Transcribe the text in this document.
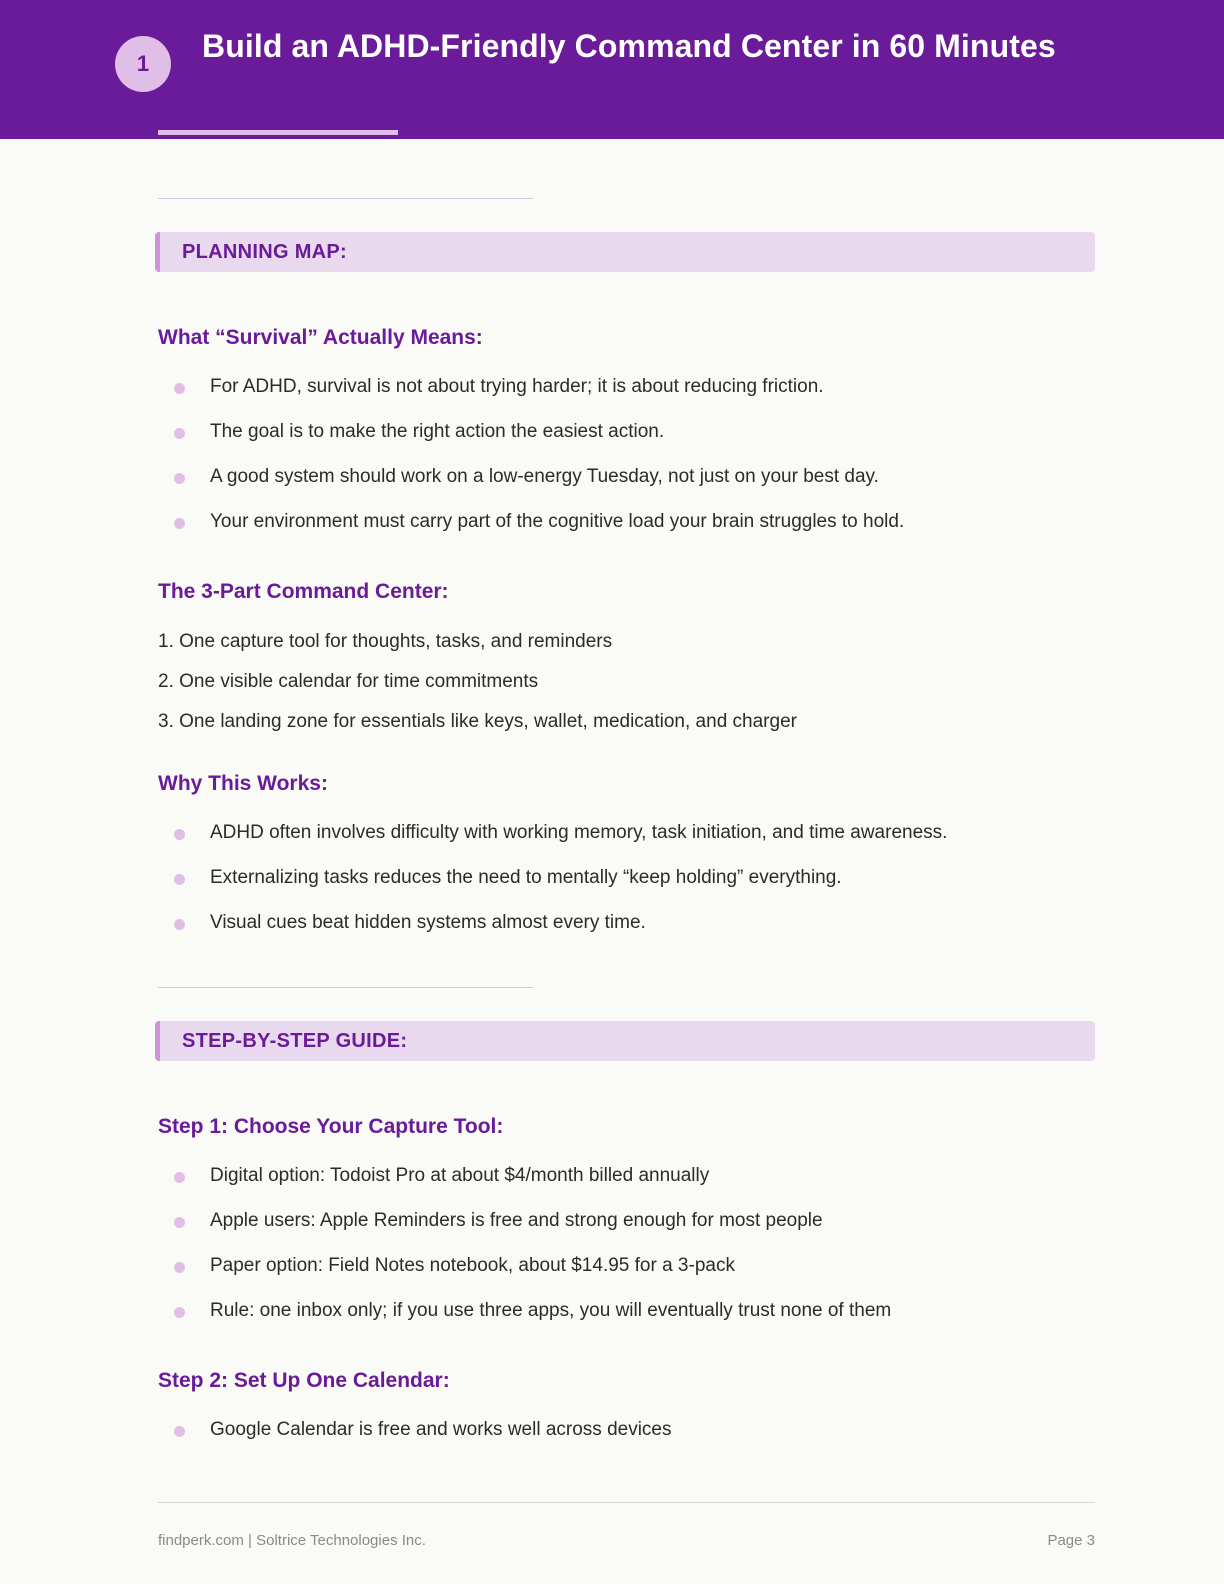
1	Build an ADHD-Friendly Command Center in 60 Minutes
PLANNING MAP:
What “Survival” Actually Means:
For ADHD, survival is not about trying harder; it is about reducing friction.
The goal is to make the right action the easiest action.
A good system should work on a low-energy Tuesday, not just on your best day.
Your environment must carry part of the cognitive load your brain struggles to hold.
The 3-Part Command Center:
1. One capture tool for thoughts, tasks, and reminders
2. One visible calendar for time commitments
3. One landing zone for essentials like keys, wallet, medication, and charger
Why This Works:
ADHD often involves difficulty with working memory, task initiation, and time awareness.
Externalizing tasks reduces the need to mentally “keep holding” everything.
Visual cues beat hidden systems almost every time.
STEP-BY-STEP GUIDE:
Step 1: Choose Your Capture Tool:
Digital option: Todoist Pro at about $4/month billed annually
Apple users: Apple Reminders is free and strong enough for most people
Paper option: Field Notes notebook, about $14.95 for a 3-pack
Rule: one inbox only; if you use three apps, you will eventually trust none of them
Step 2: Set Up One Calendar:
Google Calendar is free and works well across devices
findperk.com | Soltrice Technologies Inc.	Page 3
